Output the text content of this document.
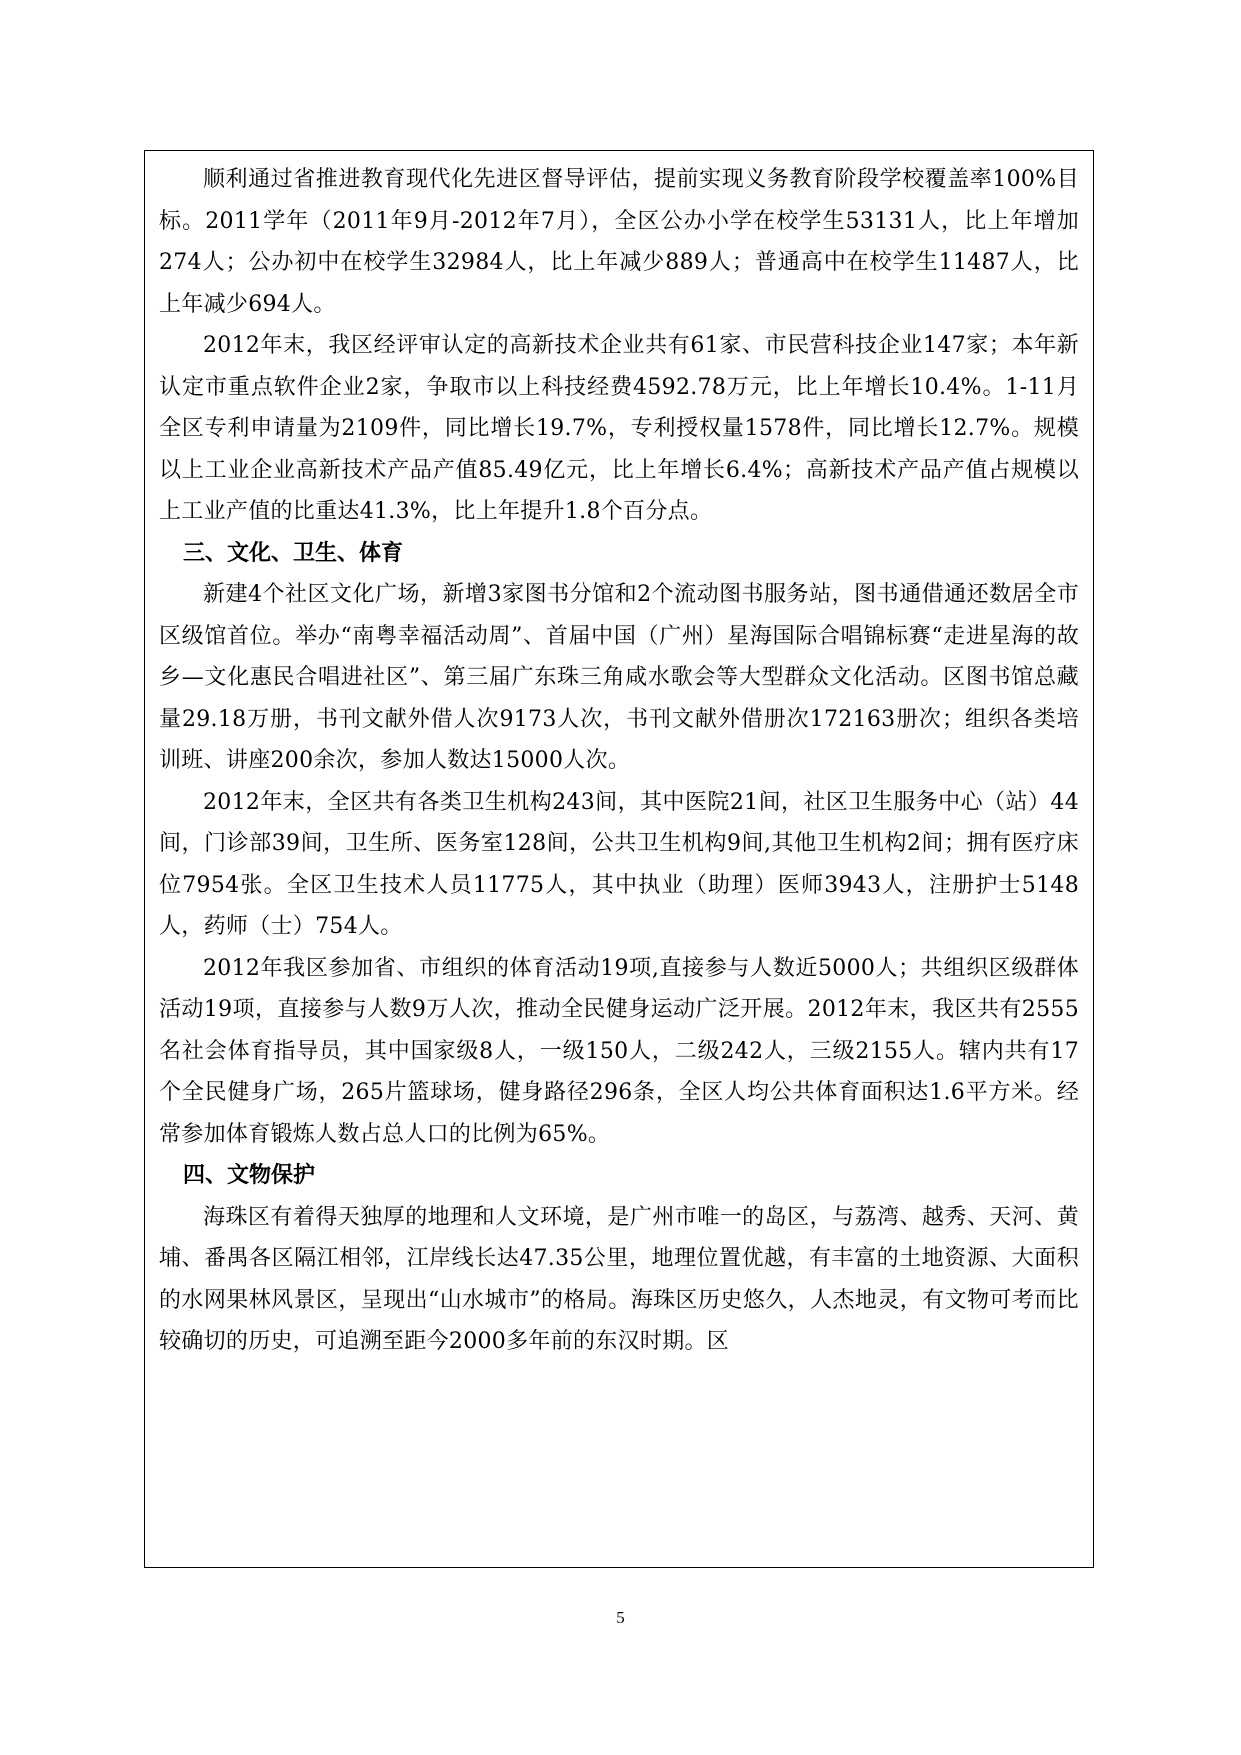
顺利通过省推进教育现代化先进区督导评估，提前实现义务教育阶段学校覆盖率100%目标。2011学年（2011年9月-2012年7月），全区公办小学在校学生53131人，比上年增加274人；公办初中在校学生32984人，比上年减少889人；普通高中在校学生11487人，比上年减少694人。

2012年末，我区经评审认定的高新技术企业共有61家、市民营科技企业147家；本年新认定市重点软件企业2家，争取市以上科技经费4592.78万元，比上年增长10.4%。1-11月全区专利申请量为2109件，同比增长19.7%，专利授权量1578件，同比增长12.7%。规模以上工业企业高新技术产品产值85.49亿元，比上年增长6.4%；高新技术产品产值占规模以上工业产值的比重达41.3%，比上年提升1.8个百分点。

三、文化、卫生、体育

新建4个社区文化广场，新增3家图书分馆和2个流动图书服务站，图书通借通还数居全市区级馆首位。举办“南粤幸福活动周”、首届中国（广州）星海国际合唱锦标赛“走进星海的故乡—文化惠民合唱进社区”、第三届广东珠三角咸水歌会等大型群众文化活动。区图书馆总藏量29.18万册，书刊文献外借人次9173人次，书刊文献外借册次172163册次；组织各类培训班、讲座200余次，参加人数达15000人次。

2012年末，全区共有各类卫生机构243间，其中医院21间，社区卫生服务中心（站）44间，门诊部39间，卫生所、医务室128间，公共卫生机构9间,其他卫生机构2间；拥有医疗床位7954张。全区卫生技术人员11775人，其中执业（助理）医师3943人，注册护士5148人，药师（士）754人。

2012年我区参加省、市组织的体育活动19项,直接参与人数近5000人；共组织区级群体活动19项，直接参与人数9万人次，推动全民健身运动广泛开展。2012年末，我区共有2555名社会体育指导员，其中国家级8人，一级150人，二级242人，三级2155人。辖内共有17个全民健身广场，265片篮球场，健身路径296条，全区人均公共体育面积达1.6平方米。经常参加体育锻炼人数占总人口的比例为65%。

四、文物保护

海珠区有着得天独厚的地理和人文环境，是广州市唯一的岛区，与荔湾、越秀、天河、黄埔、番禺各区隔江相邻，江岸线长达47.35公里，地理位置优越，有丰富的土地资源、大面积的水网果林风景区，呈现出“山水城市”的格局。海珠区历史悠久，人杰地灵，有文物可考而比较确切的历史，可追溯至距今2000多年前的东汉时期。区

5
